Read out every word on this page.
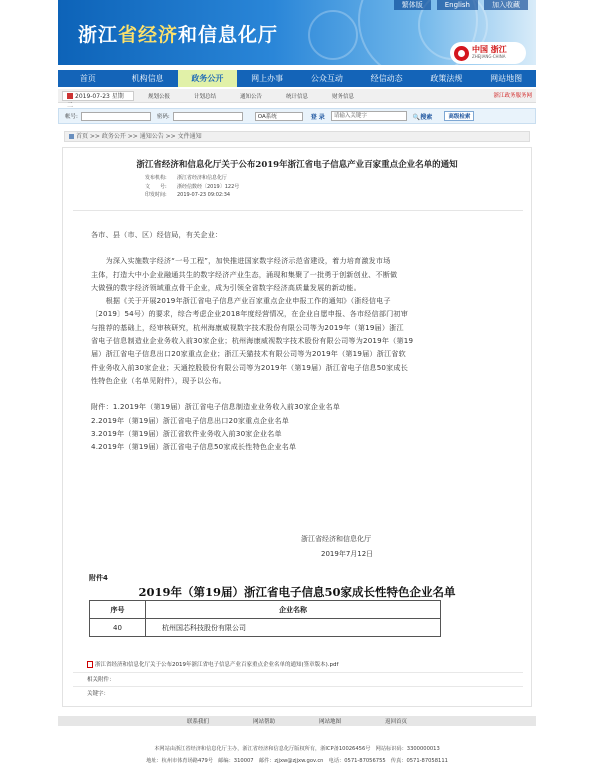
浙江省经济和信息化厅
繁体版	English	加入收藏
中国 浙江
ZHEJIANG·CHINA
首页	机构信息	政务公开	网上办事	公众互动	经信动态	政策法规	网站地图
2019-07-23 星期二
规划公报	计划总结	通知公告	统计信息	财务信息	浙江政务服务网
帐号:	密码:	OA系统	登 录	请输入关键字	🔍搜索	高级检索
首页 >> 政务公开 >> 通知公告 >> 文件通知
浙江省经济和信息化厅关于公布2019年浙江省电子信息产业百家重点企业名单的通知
发布机构: 浙江省经济和信息化厅
文　　号: 浙经信数经〔2019〕122号
印发时间: 2019-07-23 09:02:34

各市、县（市、区）经信局，有关企业：

　　为深入实施数字经济“一号工程”，加快推进国家数字经济示范省建设，着力培育激发市场

主体，打造大中小企业融通共生的数字经济产业生态，涌现和集聚了一批勇于创新创业、不断做

大做强的数字经济领域重点骨干企业，成为引领全省数字经济高质量发展的新动能。

　　根据《关于开展2019年浙江省电子信息产业百家重点企业申报工作的通知》（浙经信电子

〔2019〕54号）的要求，综合考虑企业2018年度经营情况，在企业自愿申报、各市经信部门初审

与推荐的基础上，经审核研究，杭州海康威视数字技术股份有限公司等为2019年（第19届）浙江

省电子信息制造业企业务收入前30家企业；杭州海康威视数字技术股份有限公司等为2019年（第19

届）浙江省电子信息出口20家重点企业；浙江天猫技术有限公司等为2019年（第19届）浙江省软

件业务收入前30家企业；天通控股股份有限公司等为2019年（第19届）浙江省电子信息50家成长

性特色企业（名单见附件），现予以公布。

附件：1.2019年（第19届）浙江省电子信息制造业业务收入前30家企业名单

2.2019年（第19届）浙江省电子信息出口20家重点企业名单

3.2019年（第19届）浙江省软件业务收入前30家企业名单

4.2019年（第19届）浙江省电子信息50家成长性特色企业名单

浙江省经济和信息化厅
2019年7月12日
附件4
2019年（第19届）浙江省电子信息50家成长性特色企业名单
序号	企业名称
40	杭州国芯科技股份有限公司
浙江省经济和信息化厅关于公布2019年浙江省电子信息产业百家重点企业名单的通知(签章版本).pdf
相关附件：
关键字：
联系我们	网站帮助	网站地图	返回首页
本网站由浙江省经济和信息化厅主办，浙江省经济和信息化厅版权所有，浙ICP备10026456号　网站标识码：3300000013
地址：杭州市体育场路479号　邮编：310007　邮件：zjjxw@zjjxw.gov.cn　电话：0571-87056755　传真：0571-87058111
